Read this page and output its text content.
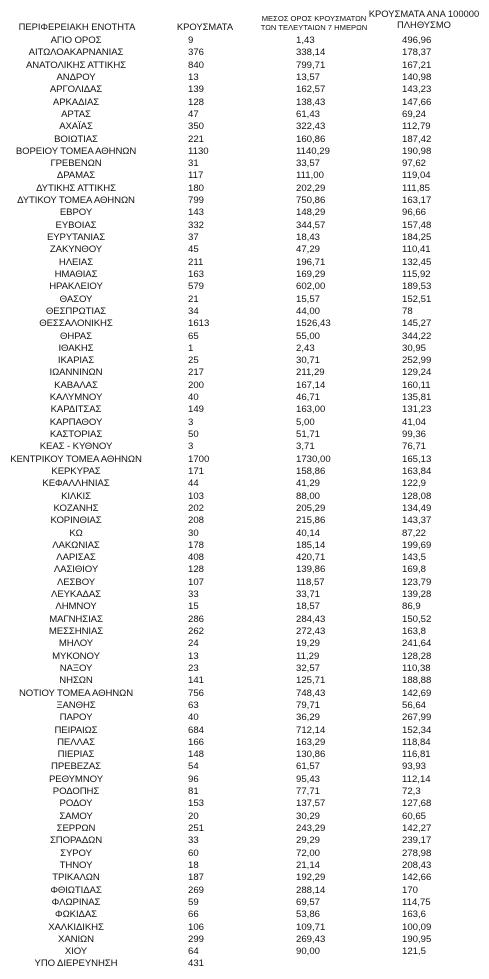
ΠΕΡΙΦΕΡΕΙΑΚΗ ΕΝΟΤΗΤΑ	ΚΡΟΥΣΜΑΤΑ
ΜΕΣΟΣ ΟΡΟΣ ΚΡΟΥΣΜΑΤΩΝ
ΤΩΝ ΤΕΛΕΥΤΑΙΩΝ 7 ΗΜΕΡΩΝ
ΚΡΟΥΣΜΑΤΑ ΑΝΑ 100000
ΠΛΗΘΥΣΜΟ
ΑΓΙΟ ΟΡΟΣ	9	1,43	496,96
ΑΙΤΩΛΟΑΚΑΡΝΑΝΙΑΣ	376	338,14	178,37
ΑΝΑΤΟΛΙΚΗΣ ΑΤΤΙΚΗΣ	840	799,71	167,21
ΑΝΔΡΟΥ	13	13,57	140,98
ΑΡΓΟΛΙΔΑΣ	139	162,57	143,23
ΑΡΚΑΔΙΑΣ	128	138,43	147,66
ΑΡΤΑΣ	47	61,43	69,24
ΑΧΑΪΑΣ	350	322,43	112,79
ΒΟΙΩΤΙΑΣ	221	160,86	187,42
ΒΟΡΕΙΟΥ ΤΟΜΕΑ ΑΘΗΝΩΝ	1130	1140,29	190,98
ΓΡΕΒΕΝΩΝ	31	33,57	97,62
ΔΡΑΜΑΣ	117	111,00	119,04
ΔΥΤΙΚΗΣ ΑΤΤΙΚΗΣ	180	202,29	111,85
ΔΥΤΙΚΟΥ ΤΟΜΕΑ ΑΘΗΝΩΝ	799	750,86	163,17
ΕΒΡΟΥ	143	148,29	96,66
ΕΥΒΟΙΑΣ	332	344,57	157,48
ΕΥΡΥΤΑΝΙΑΣ	37	18,43	184,25
ΖΑΚΥΝΘΟΥ	45	47,29	110,41
ΗΛΕΙΑΣ	211	196,71	132,45
ΗΜΑΘΙΑΣ	163	169,29	115,92
ΗΡΑΚΛΕΙΟΥ	579	602,00	189,53
ΘΑΣΟΥ	21	15,57	152,51
ΘΕΣΠΡΩΤΙΑΣ	34	44,00	78
ΘΕΣΣΑΛΟΝΙΚΗΣ	1613	1526,43	145,27
ΘΗΡΑΣ	65	55,00	344,22
ΙΘΑΚΗΣ	1	2,43	30,95
ΙΚΑΡΙΑΣ	25	30,71	252,99
ΙΩΑΝΝΙΝΩΝ	217	211,29	129,24
ΚΑΒΑΛΑΣ	200	167,14	160,11
ΚΑΛΥΜΝΟΥ	40	46,71	135,81
ΚΑΡΔΙΤΣΑΣ	149	163,00	131,23
ΚΑΡΠΑΘΟΥ	3	5,00	41,04
ΚΑΣΤΟΡΙΑΣ	50	51,71	99,36
ΚΕΑΣ - ΚΥΘΝΟΥ	3	3,71	76,71
ΚΕΝΤΡΙΚΟΥ ΤΟΜΕΑ ΑΘΗΝΩΝ	1700	1730,00	165,13
ΚΕΡΚΥΡΑΣ	171	158,86	163,84
ΚΕΦΑΛΛΗΝΙΑΣ	44	41,29	122,9
ΚΙΛΚΙΣ	103	88,00	128,08
ΚΟΖΑΝΗΣ	202	205,29	134,49
ΚΟΡΙΝΘΙΑΣ	208	215,86	143,37
ΚΩ	30	40,14	87,22
ΛΑΚΩΝΙΑΣ	178	185,14	199,69
ΛΑΡΙΣΑΣ	408	420,71	143,5
ΛΑΣΙΘΙΟΥ	128	139,86	169,8
ΛΕΣΒΟΥ	107	118,57	123,79
ΛΕΥΚΑΔΑΣ	33	33,71	139,28
ΛΗΜΝΟΥ	15	18,57	86,9
ΜΑΓΝΗΣΙΑΣ	286	284,43	150,52
ΜΕΣΣΗΝΙΑΣ	262	272,43	163,8
ΜΗΛΟΥ	24	19,29	241,64
ΜΥΚΟΝΟΥ	13	11,29	128,28
ΝΑΞΟΥ	23	32,57	110,38
ΝΗΣΩΝ	141	125,71	188,88
ΝΟΤΙΟΥ ΤΟΜΕΑ ΑΘΗΝΩΝ	756	748,43	142,69
ΞΑΝΘΗΣ	63	79,71	56,64
ΠΑΡΟΥ	40	36,29	267,99
ΠΕΙΡΑΙΩΣ	684	712,14	152,34
ΠΕΛΛΑΣ	166	163,29	118,84
ΠΙΕΡΙΑΣ	148	130,86	116,81
ΠΡΕΒΕΖΑΣ	54	61,57	93,93
ΡΕΘΥΜΝΟΥ	96	95,43	112,14
ΡΟΔΟΠΗΣ	81	77,71	72,3
ΡΟΔΟΥ	153	137,57	127,68
ΣΑΜΟΥ	20	30,29	60,65
ΣΕΡΡΩΝ	251	243,29	142,27
ΣΠΟΡΑΔΩΝ	33	29,29	239,17
ΣΥΡΟΥ	60	72,00	278,98
ΤΗΝΟΥ	18	21,14	208,43
ΤΡΙΚΑΛΩΝ	187	192,29	142,66
ΦΘΙΩΤΙΔΑΣ	269	288,14	170
ΦΛΩΡΙΝΑΣ	59	69,57	114,75
ΦΩΚΙΔΑΣ	66	53,86	163,6
ΧΑΛΚΙΔΙΚΗΣ	106	109,71	100,09
ΧΑΝΙΩΝ	299	269,43	190,95
ΧΙΟΥ	64	90,00	121,5
ΥΠΟ ΔΙΕΡΕΥΝΗΣΗ	431
